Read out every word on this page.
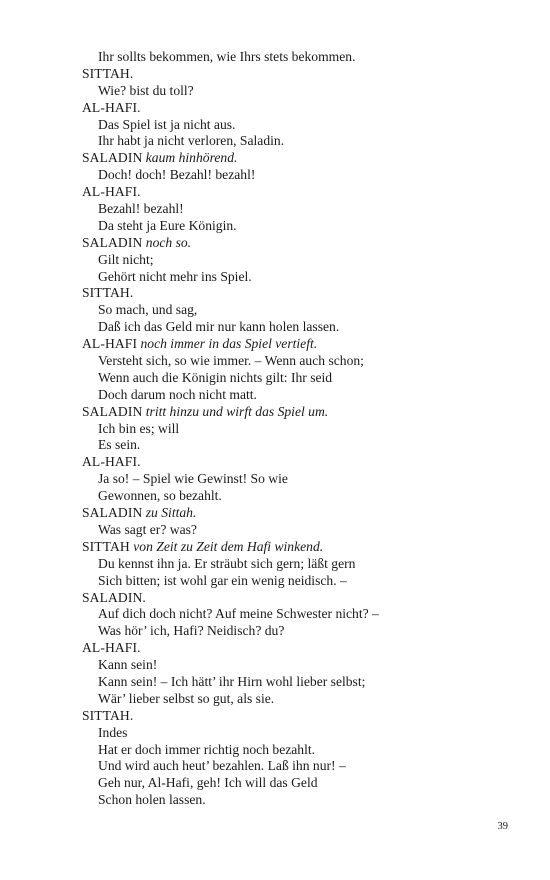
Ihr sollts bekommen, wie Ihrs stets bekommen.
SITTAH.
Wie? bist du toll?
AL-HAFI.
Das Spiel ist ja nicht aus.
Ihr habt ja nicht verloren, Saladin.
SALADIN kaum hinhörend.
Doch! doch! Bezahl! bezahl!
AL-HAFI.
Bezahl! bezahl!
Da steht ja Eure Königin.
SALADIN noch so.
Gilt nicht;
Gehört nicht mehr ins Spiel.
SITTAH.
So mach, und sag,
Daß ich das Geld mir nur kann holen lassen.
AL-HAFI noch immer in das Spiel vertieft.
Versteht sich, so wie immer. – Wenn auch schon;
Wenn auch die Königin nichts gilt: Ihr seid
Doch darum noch nicht matt.
SALADIN tritt hinzu und wirft das Spiel um.
Ich bin es; will
Es sein.
AL-HAFI.
Ja so! – Spiel wie Gewinst! So wie
Gewonnen, so bezahlt.
SALADIN zu Sittah.
Was sagt er? was?
SITTAH von Zeit zu Zeit dem Hafi winkend.
Du kennst ihn ja. Er sträubt sich gern; läßt gern
Sich bitten; ist wohl gar ein wenig neidisch. –
SALADIN.
Auf dich doch nicht? Auf meine Schwester nicht? –
Was hör’ ich, Hafi? Neidisch? du?
AL-HAFI.
Kann sein!
Kann sein! – Ich hätt’ ihr Hirn wohl lieber selbst;
Wär’ lieber selbst so gut, als sie.
SITTAH.
Indes
Hat er doch immer richtig noch bezahlt.
Und wird auch heut’ bezahlen. Laß ihn nur! –
Geh nur, Al-Hafi, geh! Ich will das Geld
Schon holen lassen.
39
